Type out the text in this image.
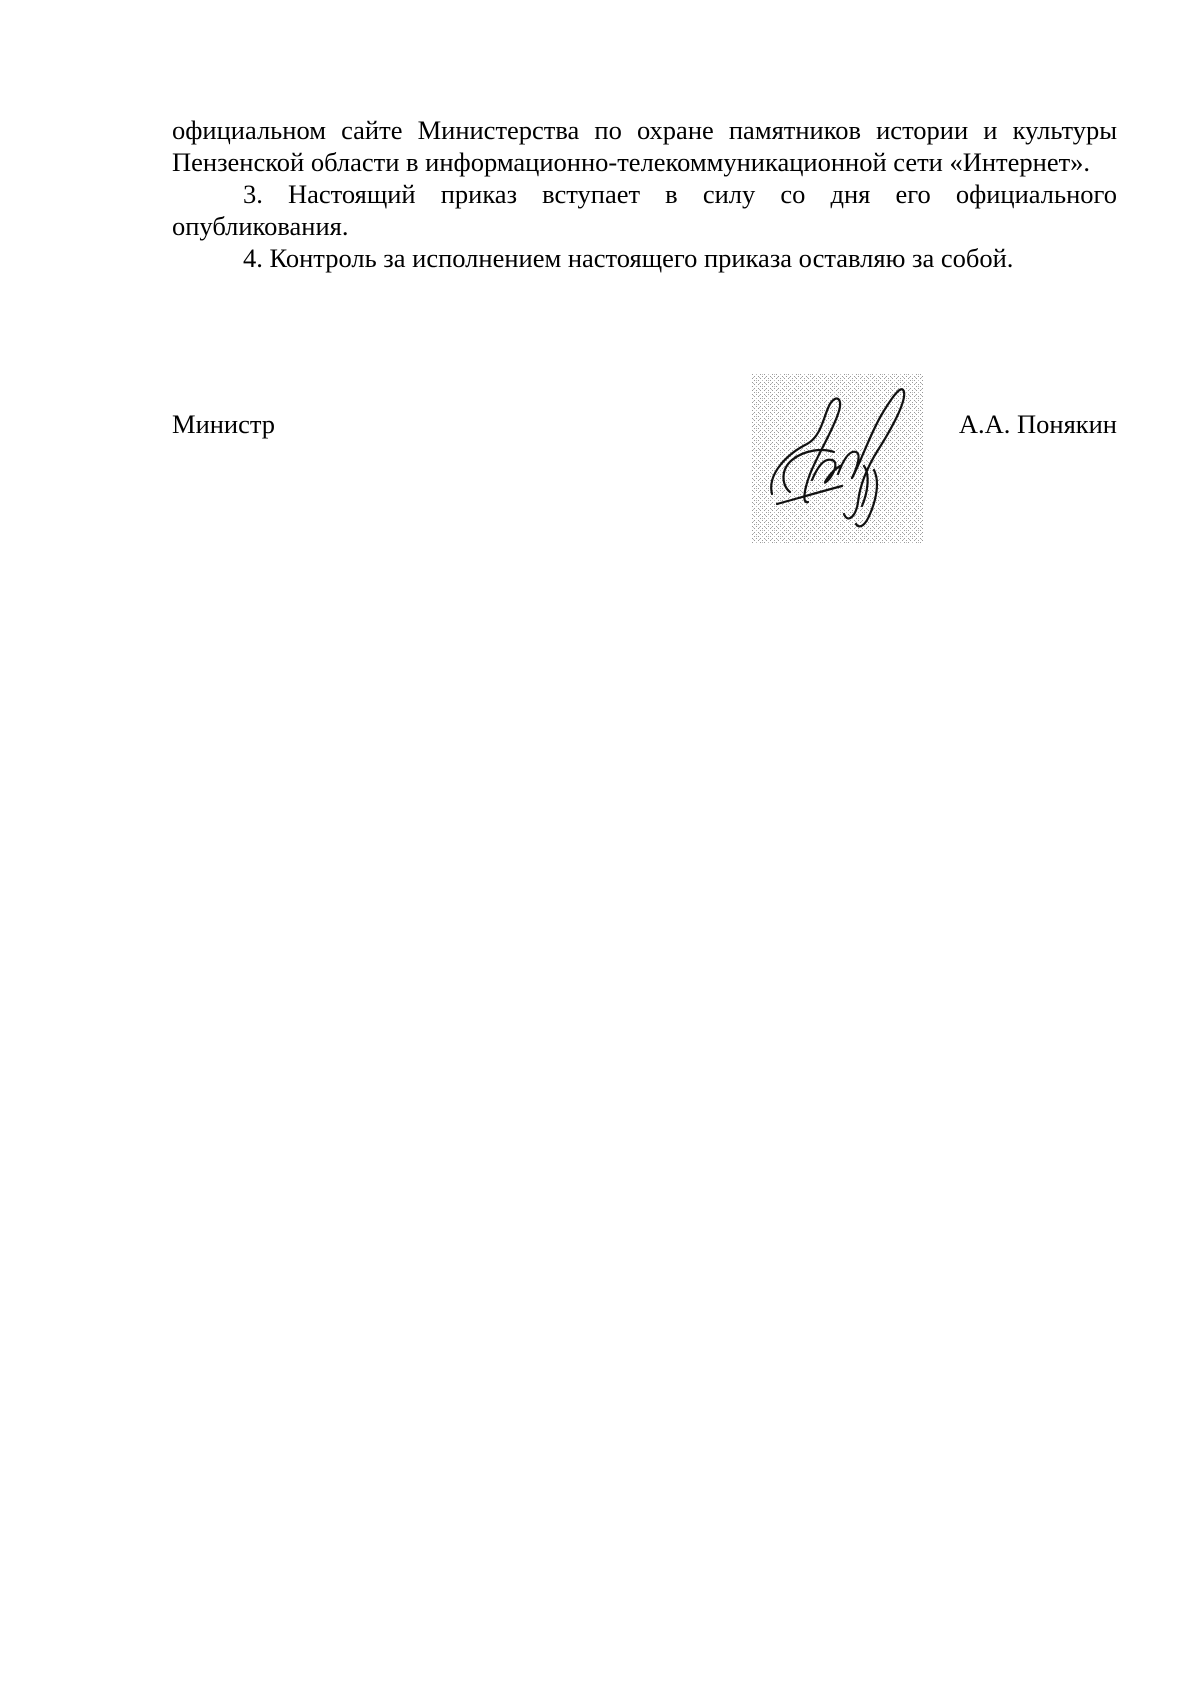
официальном сайте Министерства по охране памятников истории и культуры Пензенской области в информационно-телекоммуникационной сети «Интернет».

3. Настоящий приказ вступает в силу со дня его официального опубликования.

4. Контроль за исполнением настоящего приказа оставляю за собой.

Министр	А.А. Понякин
